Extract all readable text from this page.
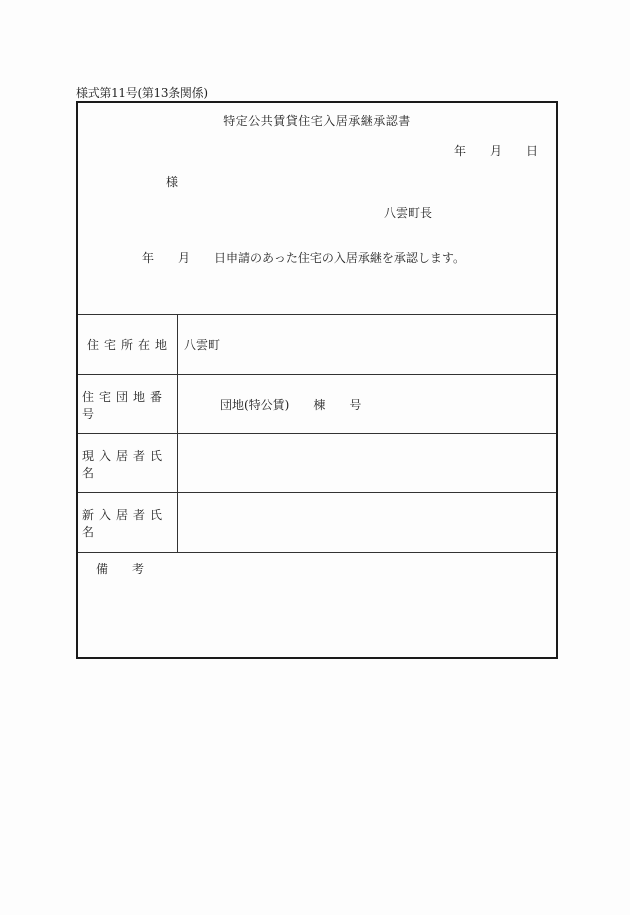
様式第11号(第13条関係)
特定公共賃貸住宅入居承継承認書
年 月 日
様
八雲町長
年 月 日申請のあった住宅の入居承継を承認します。
住宅所在地	八雲町
住宅団地番号
団地(特公賃) 棟 号
現入居者氏名
新入居者氏名
備　　考
